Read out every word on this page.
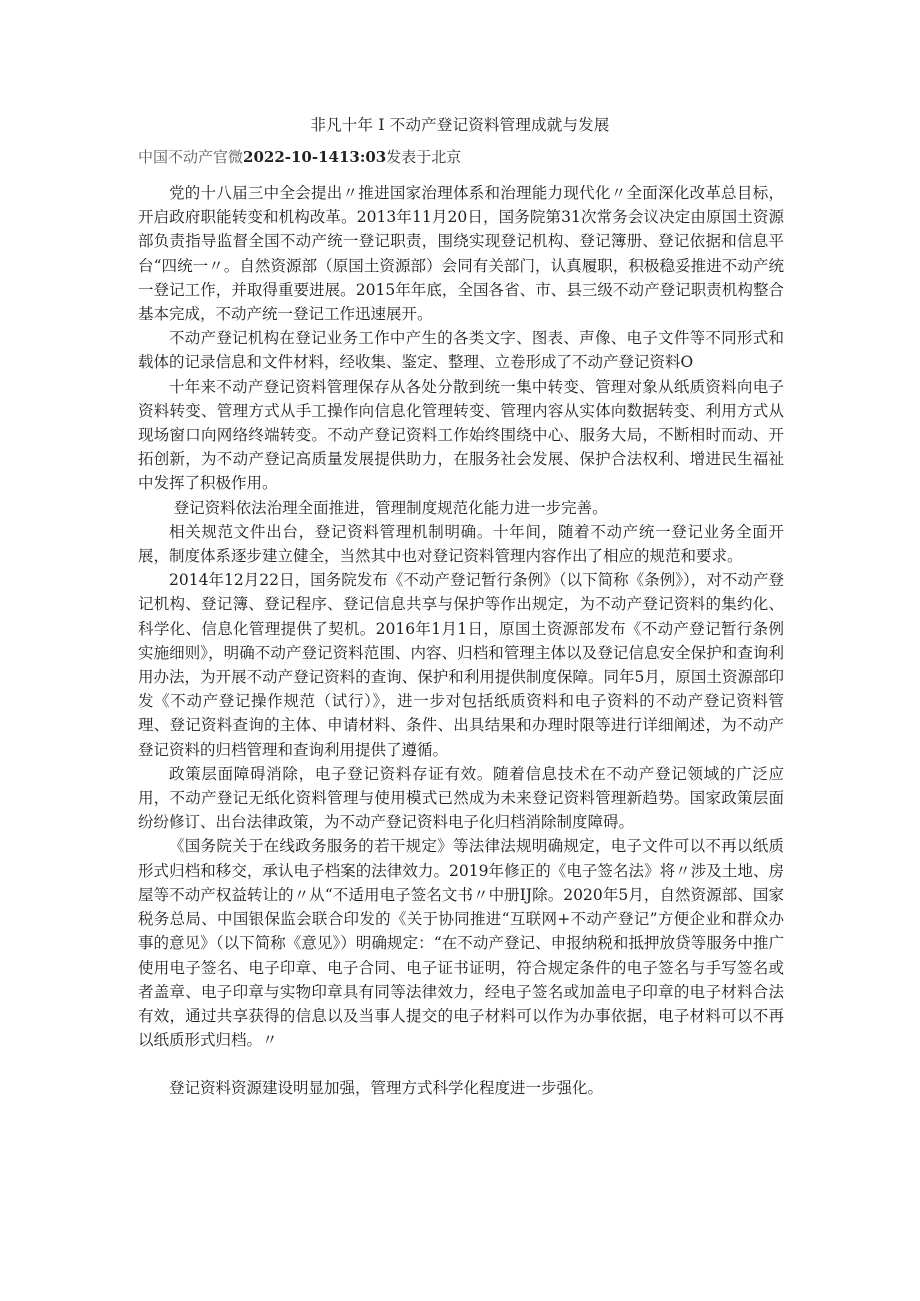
非凡十年 I 不动产登记资料管理成就与发展
中国不动产官微2022-10-1413:03发表于北京

党的十八届三中全会提出〃推进国家治理体系和治理能力现代化〃全面深化改革总目标，开启政府职能转变和机构改革。2013年11月20日，国务院第31次常务会议决定由原国土资源部负责指导监督全国不动产统一登记职责，围绕实现登记机构、登记簿册、登记依据和信息平台“四统一〃。自然资源部（原国土资源部）会同有关部门，认真履职，积极稳妥推进不动产统一登记工作，并取得重要进展。2015年年底，全国各省、市、县三级不动产登记职责机构整合基本完成，不动产统一登记工作迅速展开。

不动产登记机构在登记业务工作中产生的各类文字、图表、声像、电子文件等不同形式和载体的记录信息和文件材料，经收集、鉴定、整理、立卷形成了不动产登记资料O

十年来不动产登记资料管理保存从各处分散到统一集中转变、管理对象从纸质资料向电子资料转变、管理方式从手工操作向信息化管理转变、管理内容从实体向数据转变、利用方式从现场窗口向网络终端转变。不动产登记资料工作始终围绕中心、服务大局，不断相时而动、开拓创新，为不动产登记高质量发展提供助力，在服务社会发展、保护合法权利、增进民生福祉中发挥了积极作用。

登记资料依法治理全面推进，管理制度规范化能力进一步完善。

相关规范文件出台，登记资料管理机制明确。十年间，随着不动产统一登记业务全面开展，制度体系逐步建立健全，当然其中也对登记资料管理内容作出了相应的规范和要求。

2014年12月22日，国务院发布《不动产登记暂行条例》（以下简称《条例》），对不动产登记机构、登记簿、登记程序、登记信息共享与保护等作出规定，为不动产登记资料的集约化、科学化、信息化管理提供了契机。2016年1月1日，原国土资源部发布《不动产登记暂行条例实施细则》，明确不动产登记资料范围、内容、归档和管理主体以及登记信息安全保护和查询利用办法，为开展不动产登记资料的查询、保护和利用提供制度保障。同年5月，原国土资源部印发《不动产登记操作规范（试行）》，进一步对包括纸质资料和电子资料的不动产登记资料管理、登记资料查询的主体、申请材料、条件、出具结果和办理时限等进行详细阐述，为不动产登记资料的归档管理和查询利用提供了遵循。

政策层面障碍消除，电子登记资料存证有效。随着信息技术在不动产登记领域的广泛应用，不动产登记无纸化资料管理与使用模式已然成为未来登记资料管理新趋势。国家政策层面纷纷修订、出台法律政策，为不动产登记资料电子化归档消除制度障碍。

《国务院关于在线政务服务的若干规定》等法律法规明确规定，电子文件可以不再以纸质形式归档和移交，承认电子档案的法律效力。2019年修正的《电子签名法》将〃涉及土地、房屋等不动产权益转让的〃从“不适用电子签名文书〃中册IJ除。2020年5月，自然资源部、国家税务总局、中国银保监会联合印发的《关于协同推进“互联网+不动产登记”方便企业和群众办事的意见》（以下简称《意见》）明确规定：“在不动产登记、申报纳税和抵押放贷等服务中推广使用电子签名、电子印章、电子合同、电子证书证明，符合规定条件的电子签名与手写签名或者盖章、电子印章与实物印章具有同等法律效力，经电子签名或加盖电子印章的电子材料合法有效，通过共享获得的信息以及当事人提交的电子材料可以作为办事依据，电子材料可以不再以纸质形式归档。〃

登记资料资源建设明显加强，管理方式科学化程度进一步强化。
